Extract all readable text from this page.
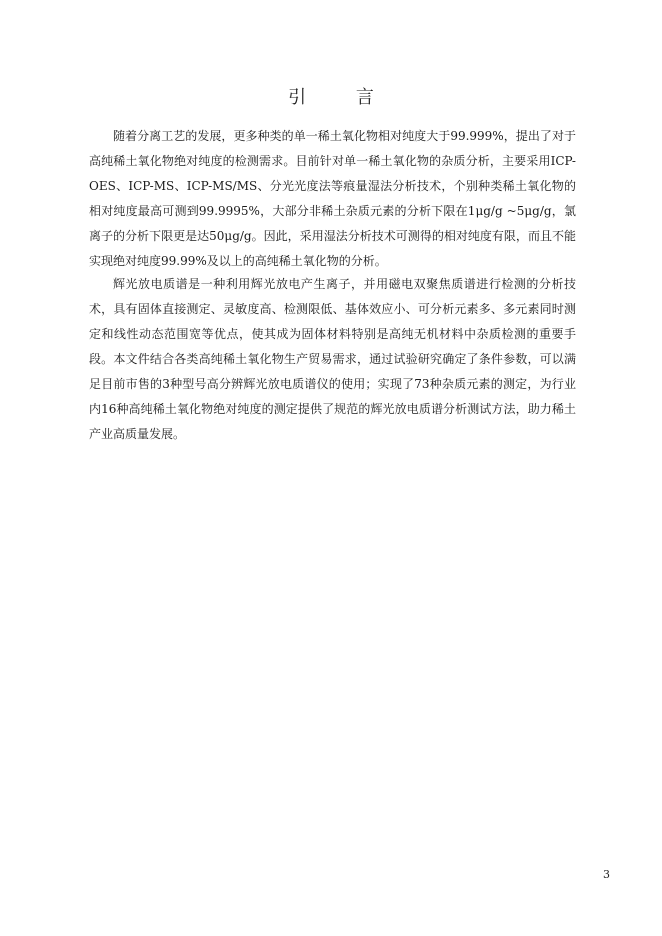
引 言

随着分离工艺的发展，更多种类的单一稀土氧化物相对纯度大于99.999%，提出了对于高纯稀土氧化物绝对纯度的检测需求。目前针对单一稀土氧化物的杂质分析，主要采用ICP-OES、ICP-MS、ICP-MS/MS、分光光度法等痕量湿法分析技术，个别种类稀土氧化物的相对纯度最高可测到99.9995%，大部分非稀土杂质元素的分析下限在1μg/g ~5μg/g，氯离子的分析下限更是达50μg/g。因此，采用湿法分析技术可测得的相对纯度有限，而且不能实现绝对纯度99.99%及以上的高纯稀土氧化物的分析。

辉光放电质谱是一种利用辉光放电产生离子，并用磁电双聚焦质谱进行检测的分析技术，具有固体直接测定、灵敏度高、检测限低、基体效应小、可分析元素多、多元素同时测定和线性动态范围宽等优点，使其成为固体材料特别是高纯无机材料中杂质检测的重要手段。本文件结合各类高纯稀土氧化物生产贸易需求，通过试验研究确定了条件参数，可以满足目前市售的3种型号高分辨辉光放电质谱仪的使用；实现了73种杂质元素的测定，为行业内16种高纯稀土氧化物绝对纯度的测定提供了规范的辉光放电质谱分析测试方法，助力稀土产业高质量发展。

3
